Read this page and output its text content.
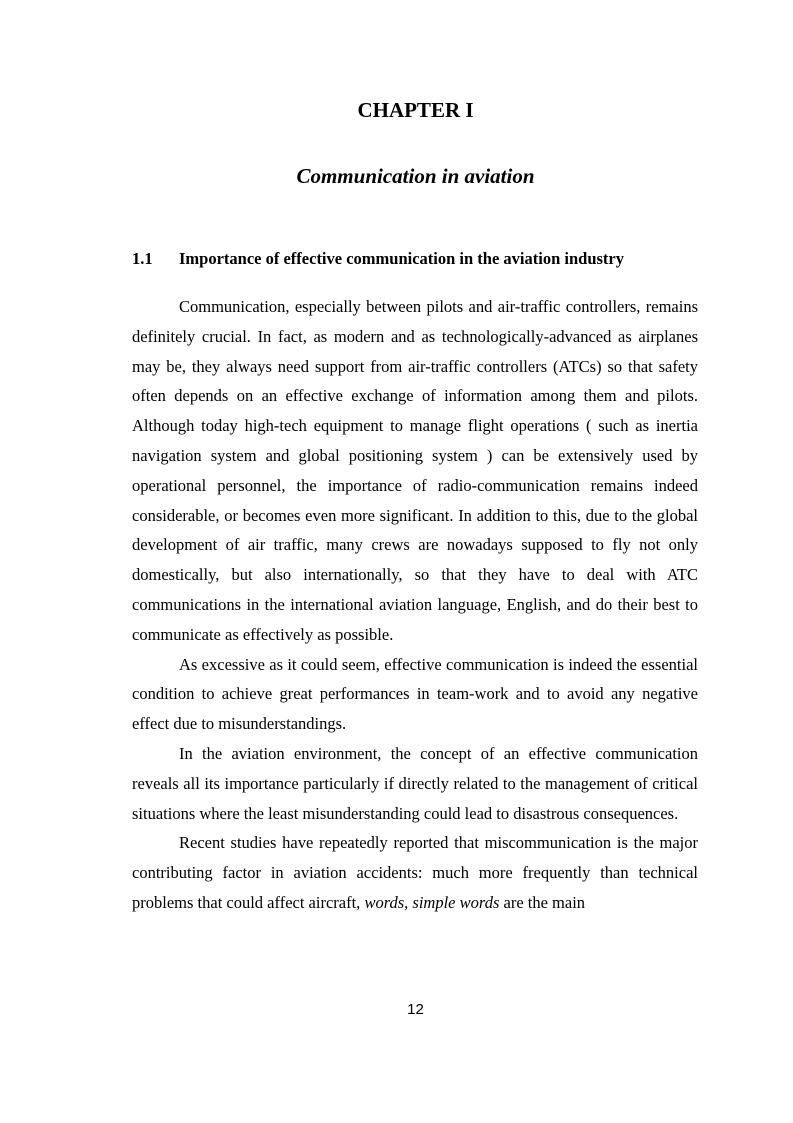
CHAPTER I
Communication in aviation
1.1 Importance of effective communication in the aviation industry

Communication, especially between pilots and air-traffic controllers, remains definitely crucial. In fact, as modern and as technologically-advanced as airplanes may be, they always need support from air-traffic controllers (ATCs) so that safety often depends on an effective exchange of information among them and pilots. Although today high-tech equipment to manage flight operations ( such as inertia navigation system and global positioning system ) can be extensively used by operational personnel, the importance of radio-communication remains indeed considerable, or becomes even more significant. In addition to this, due to the global development of air traffic, many crews are nowadays supposed to fly not only domestically, but also internationally, so that they have to deal with ATC communications in the international aviation language, English, and do their best to communicate as effectively as possible.

As excessive as it could seem, effective communication is indeed the essential condition to achieve great performances in team-work and to avoid any negative effect due to misunderstandings.

In the aviation environment, the concept of an effective communication reveals all its importance particularly if directly related to the management of critical situations where the least misunderstanding could lead to disastrous consequences.

Recent studies have repeatedly reported that miscommunication is the major contributing factor in aviation accidents: much more frequently than technical problems that could affect aircraft, words, simple words are the main

12
